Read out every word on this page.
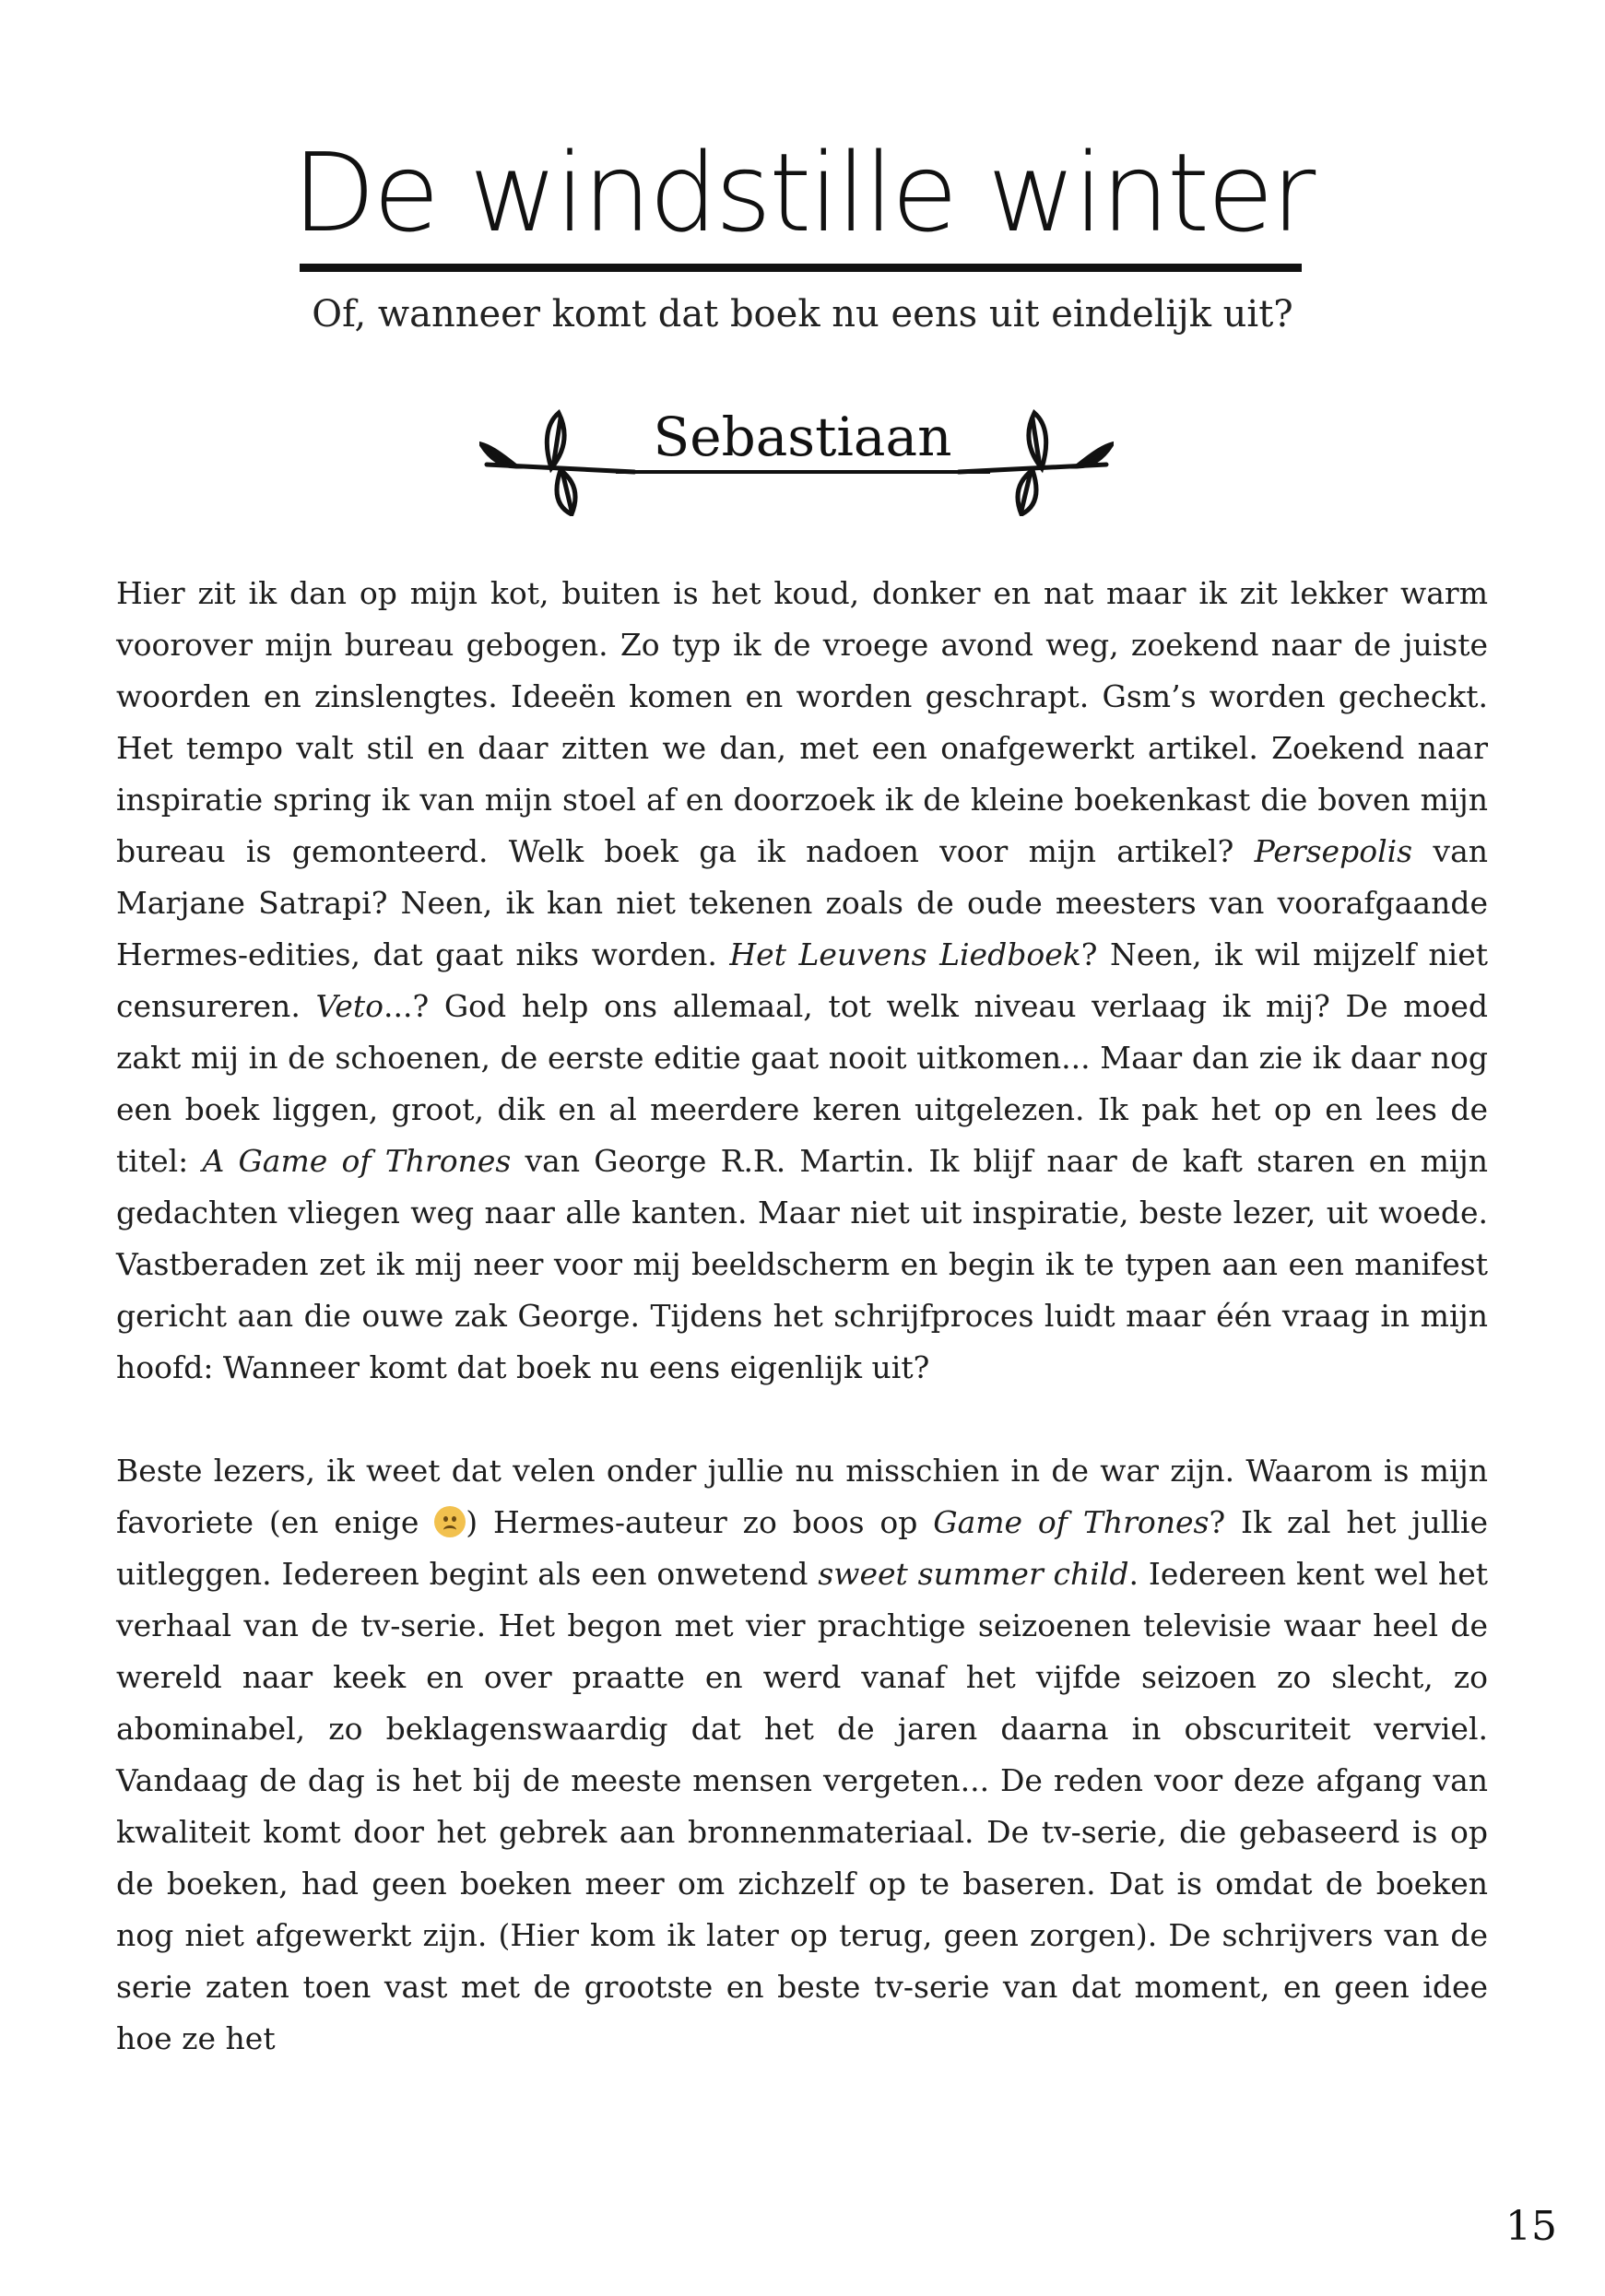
De windstille winter
Of, wanneer komt dat boek nu eens uit eindelijk uit?
Sebastiaan

Hier zit ik dan op mijn kot, buiten is het koud, donker en nat maar ik zit lekker warm voorover mijn bureau gebogen. Zo typ ik de vroege avond weg, zoekend naar de juiste woorden en zinslengtes. Ideeën komen en worden geschrapt. Gsm’s worden gecheckt. Het tempo valt stil en daar zitten we dan, met een onafgewerkt artikel. Zoekend naar inspiratie spring ik van mijn stoel af en doorzoek ik de kleine boekenkast die boven mijn bureau is gemonteerd. Welk boek ga ik nadoen voor mijn artikel? Persepolis van Marjane Satrapi? Neen, ik kan niet tekenen zoals de oude meesters van voorafgaande Hermes-edities, dat gaat niks worden. Het Leuvens Liedboek? Neen, ik wil mijzelf niet censureren. Veto...? God help ons allemaal, tot welk niveau verlaag ik mij? De moed zakt mij in de schoenen, de eerste editie gaat nooit uitkomen... Maar dan zie ik daar nog een boek liggen, groot, dik en al meerdere keren uitgelezen. Ik pak het op en lees de titel: A Game of Thrones van George R.R. Martin. Ik blijf naar de kaft staren en mijn gedachten vliegen weg naar alle kanten. Maar niet uit inspiratie, beste lezer, uit woede. Vastberaden zet ik mij neer voor mij beeldscherm en begin ik te typen aan een manifest gericht aan die ouwe zak George. Tijdens het schrijfproces luidt maar één vraag in mijn hoofd: Wanneer komt dat boek nu eens eigenlijk uit?

Beste lezers, ik weet dat velen onder jullie nu misschien in de war zijn. Waarom is mijn favoriete (en enige
) Hermes-auteur zo boos op Game of Thrones? Ik zal het jullie uitleggen. Iedereen begint als een onwetend sweet summer child. Iedereen kent wel het verhaal van de tv-serie. Het begon met vier prachtige seizoenen televisie waar heel de wereld naar keek en over praatte en werd vanaf het vijfde seizoen zo slecht, zo abominabel, zo beklagenswaardig dat het de jaren daarna in obscuriteit verviel. Vandaag de dag is het bij de meeste mensen vergeten... De reden voor deze afgang van kwaliteit komt door het gebrek aan bronnenmateriaal. De tv-serie, die gebaseerd is op de boeken, had geen boeken meer om zichzelf op te baseren. Dat is omdat de boeken nog niet afgewerkt zijn. (Hier kom ik later op terug, geen zorgen). De schrijvers van de serie zaten toen vast met de grootste en beste tv-serie van dat moment, en geen idee hoe ze het

15
